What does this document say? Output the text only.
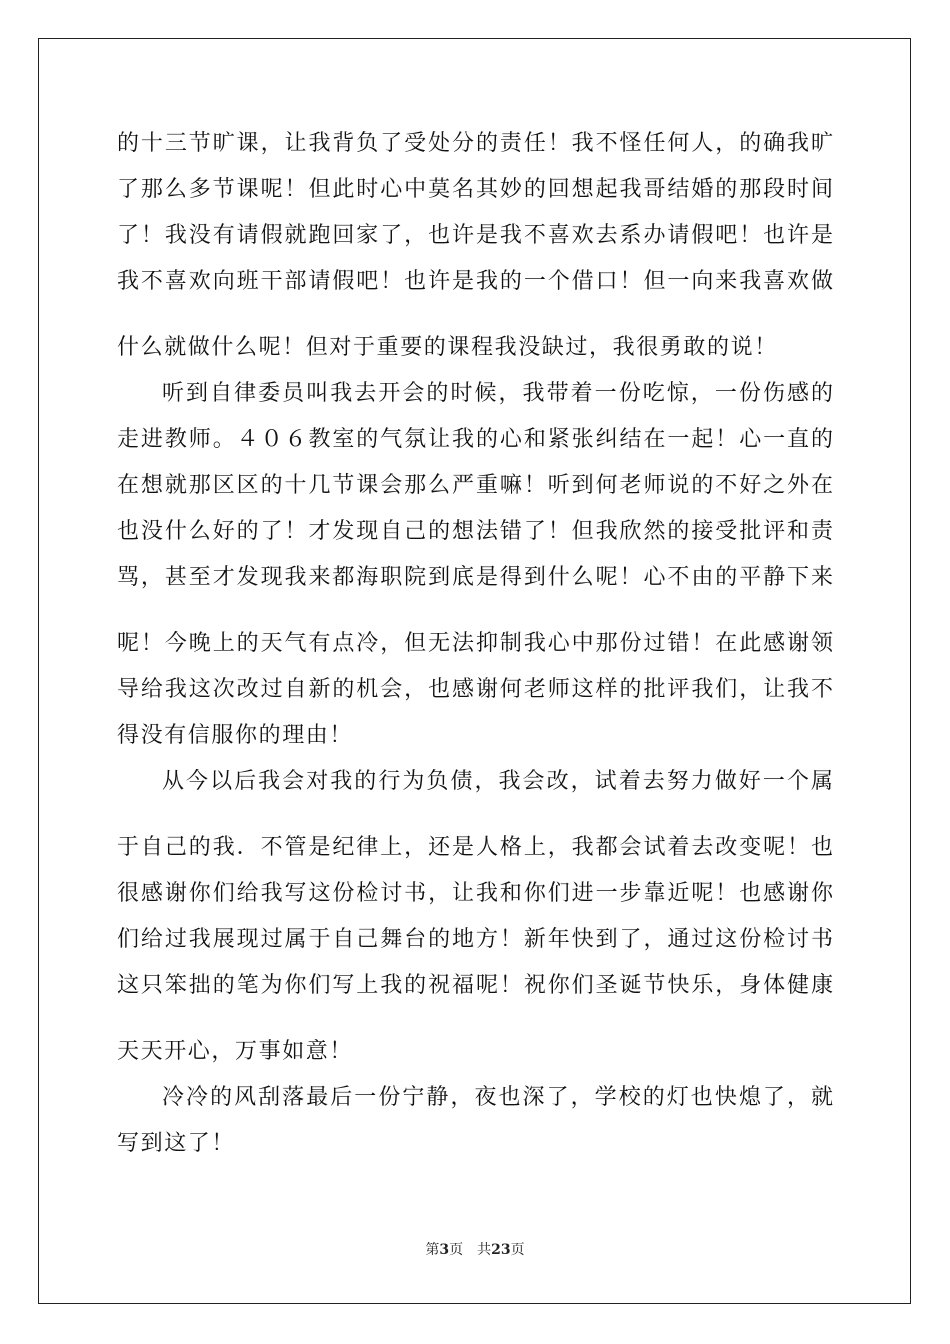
的十三节旷课，让我背负了受处分的责任！我不怪任何人，的确我旷
了那么多节课呢！但此时心中莫名其妙的回想起我哥结婚的那段时间
了！我没有请假就跑回家了，也许是我不喜欢去系办请假吧！也许是
我不喜欢向班干部请假吧！也许是我的一个借口！但一向来我喜欢做
什么就做什么呢！但对于重要的课程我没缺过，我很勇敢的说！
听到自律委员叫我去开会的时候，我带着一份吃惊，一份伤感的
走进教师。４０６教室的气氛让我的心和紧张纠结在一起！心一直的
在想就那区区的十几节课会那么严重嘛！听到何老师说的不好之外在
也没什么好的了！才发现自己的想法错了！但我欣然的接受批评和责
骂，甚至才发现我来都海职院到底是得到什么呢！心不由的平静下来
呢！今晚上的天气有点冷，但无法抑制我心中那份过错！在此感谢领
导给我这次改过自新的机会，也感谢何老师这样的批评我们，让我不
得没有信服你的理由！
从今以后我会对我的行为负债，我会改，试着去努力做好一个属
于自己的我．不管是纪律上，还是人格上，我都会试着去改变呢！也
很感谢你们给我写这份检讨书，让我和你们进一步靠近呢！也感谢你
们给过我展现过属于自己舞台的地方！新年快到了，通过这份检讨书
这只笨拙的笔为你们写上我的祝福呢！祝你们圣诞节快乐，身体健康
天天开心，万事如意！
冷冷的风刮落最后一份宁静，夜也深了，学校的灯也快熄了，就
写到这了！
第3页 共23页
